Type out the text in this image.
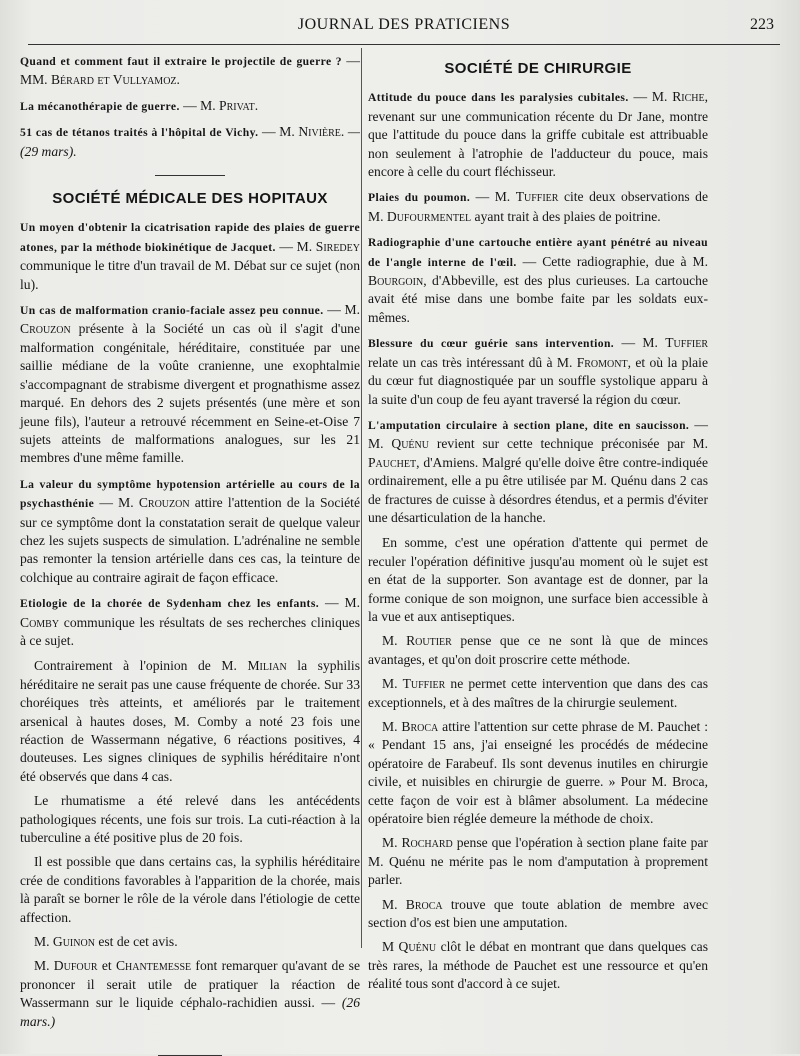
JOURNAL DES PRATICIENS	223

Quand et comment faut il extraire le projectile de guerre ? — MM. Bérard et Vullyamoz.

La mécanothérapie de guerre. — M. Privat.

51 cas de tétanos traités à l'hôpital de Vichy. — M. Nivière. — (29 mars).

SOCIÉTÉ MÉDICALE DES HOPITAUX

Un moyen d'obtenir la cicatrisation rapide des plaies de guerre atones, par la méthode biokinétique de Jacquet. — M. Siredey communique le titre d'un travail de M. Débat sur ce sujet (non lu).

Un cas de malformation cranio-faciale assez peu connue. — M. Crouzon présente à la Société un cas où il s'agit d'une malformation congénitale, héréditaire, constituée par une saillie médiane de la voûte cranienne, une exophtalmie s'accompagnant de strabisme divergent et prognathisme assez marqué. En dehors des 2 sujets présentés (une mère et son jeune fils), l'auteur a retrouvé récemment en Seine-et-Oise 7 sujets atteints de malformations analogues, sur les 21 membres d'une même famille.

La valeur du symptôme hypotension artérielle au cours de la psychasthénie — M. Crouzon attire l'attention de la Société sur ce symptôme dont la constatation serait de quelque valeur chez les sujets suspects de simulation. L'adrénaline ne semble pas remonter la tension artérielle dans ces cas, la teinture de colchique au contraire agirait de façon efficace.

Etiologie de la chorée de Sydenham chez les enfants. — M. Comby communique les résultats de ses recherches cliniques à ce sujet.

Contrairement à l'opinion de M. Milian la syphilis héréditaire ne serait pas une cause fréquente de chorée. Sur 33 choréiques très atteints, et améliorés par le traitement arsenical à hautes doses, M. Comby a noté 23 fois une réaction de Wassermann négative, 6 réactions positives, 4 douteuses. Les signes cliniques de syphilis héréditaire n'ont été observés que dans 4 cas.

Le rhumatisme a été relevé dans les antécédents pathologiques récents, une fois sur trois. La cuti-réaction à la tuberculine a été positive plus de 20 fois.

Il est possible que dans certains cas, la syphilis héréditaire crée de conditions favorables à l'apparition de la chorée, mais là paraît se borner le rôle de la vérole dans l'étiologie de cette affection.

M. Guinon est de cet avis.

M. Dufour et Chantemesse font remarquer qu'avant de se prononcer il serait utile de pratiquer la réaction de Wassermann sur le liquide céphalo-rachidien aussi. — (26 mars.)

SOCIÉTÉ DE CHIRURGIE

Attitude du pouce dans les paralysies cubitales. — M. Riche, revenant sur une communication récente du Dr Jane, montre que l'attitude du pouce dans la griffe cubitale est attribuable non seulement à l'atrophie de l'adducteur du pouce, mais encore à celle du court fléchisseur.

Plaies du poumon. — M. Tuffier cite deux observations de M. Dufourmentel ayant trait à des plaies de poitrine.

Radiographie d'une cartouche entière ayant pénétré au niveau de l'angle interne de l'œil. — Cette radiographie, due à M. Bourgoin, d'Abbeville, est des plus curieuses. La cartouche avait été mise dans une bombe faite par les soldats eux-mêmes.

Blessure du cœur guérie sans intervention. — M. Tuffier relate un cas très intéressant dû à M. Fromont, et où la plaie du cœur fut diagnostiquée par un souffle systolique apparu à la suite d'un coup de feu ayant traversé la région du cœur.

L'amputation circulaire à section plane, dite en saucisson. — M. Quénu revient sur cette technique préconisée par M. Pauchet, d'Amiens. Malgré qu'elle doive être contre-indiquée ordinairement, elle a pu être utilisée par M. Quénu dans 2 cas de fractures de cuisse à désordres étendus, et a permis d'éviter une désarticulation de la hanche.

En somme, c'est une opération d'attente qui permet de reculer l'opération définitive jusqu'au moment où le sujet est en état de la supporter. Son avantage est de donner, par la forme conique de son moignon, une surface bien accessible à la vue et aux antiseptiques.

M. Routier pense que ce ne sont là que de minces avantages, et qu'on doit proscrire cette méthode.

M. Tuffier ne permet cette intervention que dans des cas exceptionnels, et à des maîtres de la chirurgie seulement.

M. Broca attire l'attention sur cette phrase de M. Pauchet : « Pendant 15 ans, j'ai enseigné les procédés de médecine opératoire de Farabeuf. Ils sont devenus inutiles en chirurgie civile, et nuisibles en chirurgie de guerre. » Pour M. Broca, cette façon de voir est à blâmer absolument. La médecine opératoire bien réglée demeure la méthode de choix.

M. Rochard pense que l'opération à section plane faite par M. Quénu ne mérite pas le nom d'amputation à proprement parler.

M. Broca trouve que toute ablation de membre avec section d'os est bien une amputation.

M Quénu clôt le débat en montrant que dans quelques cas très rares, la méthode de Pauchet est une ressource et qu'en réalité tous sont d'accord à ce sujet.
